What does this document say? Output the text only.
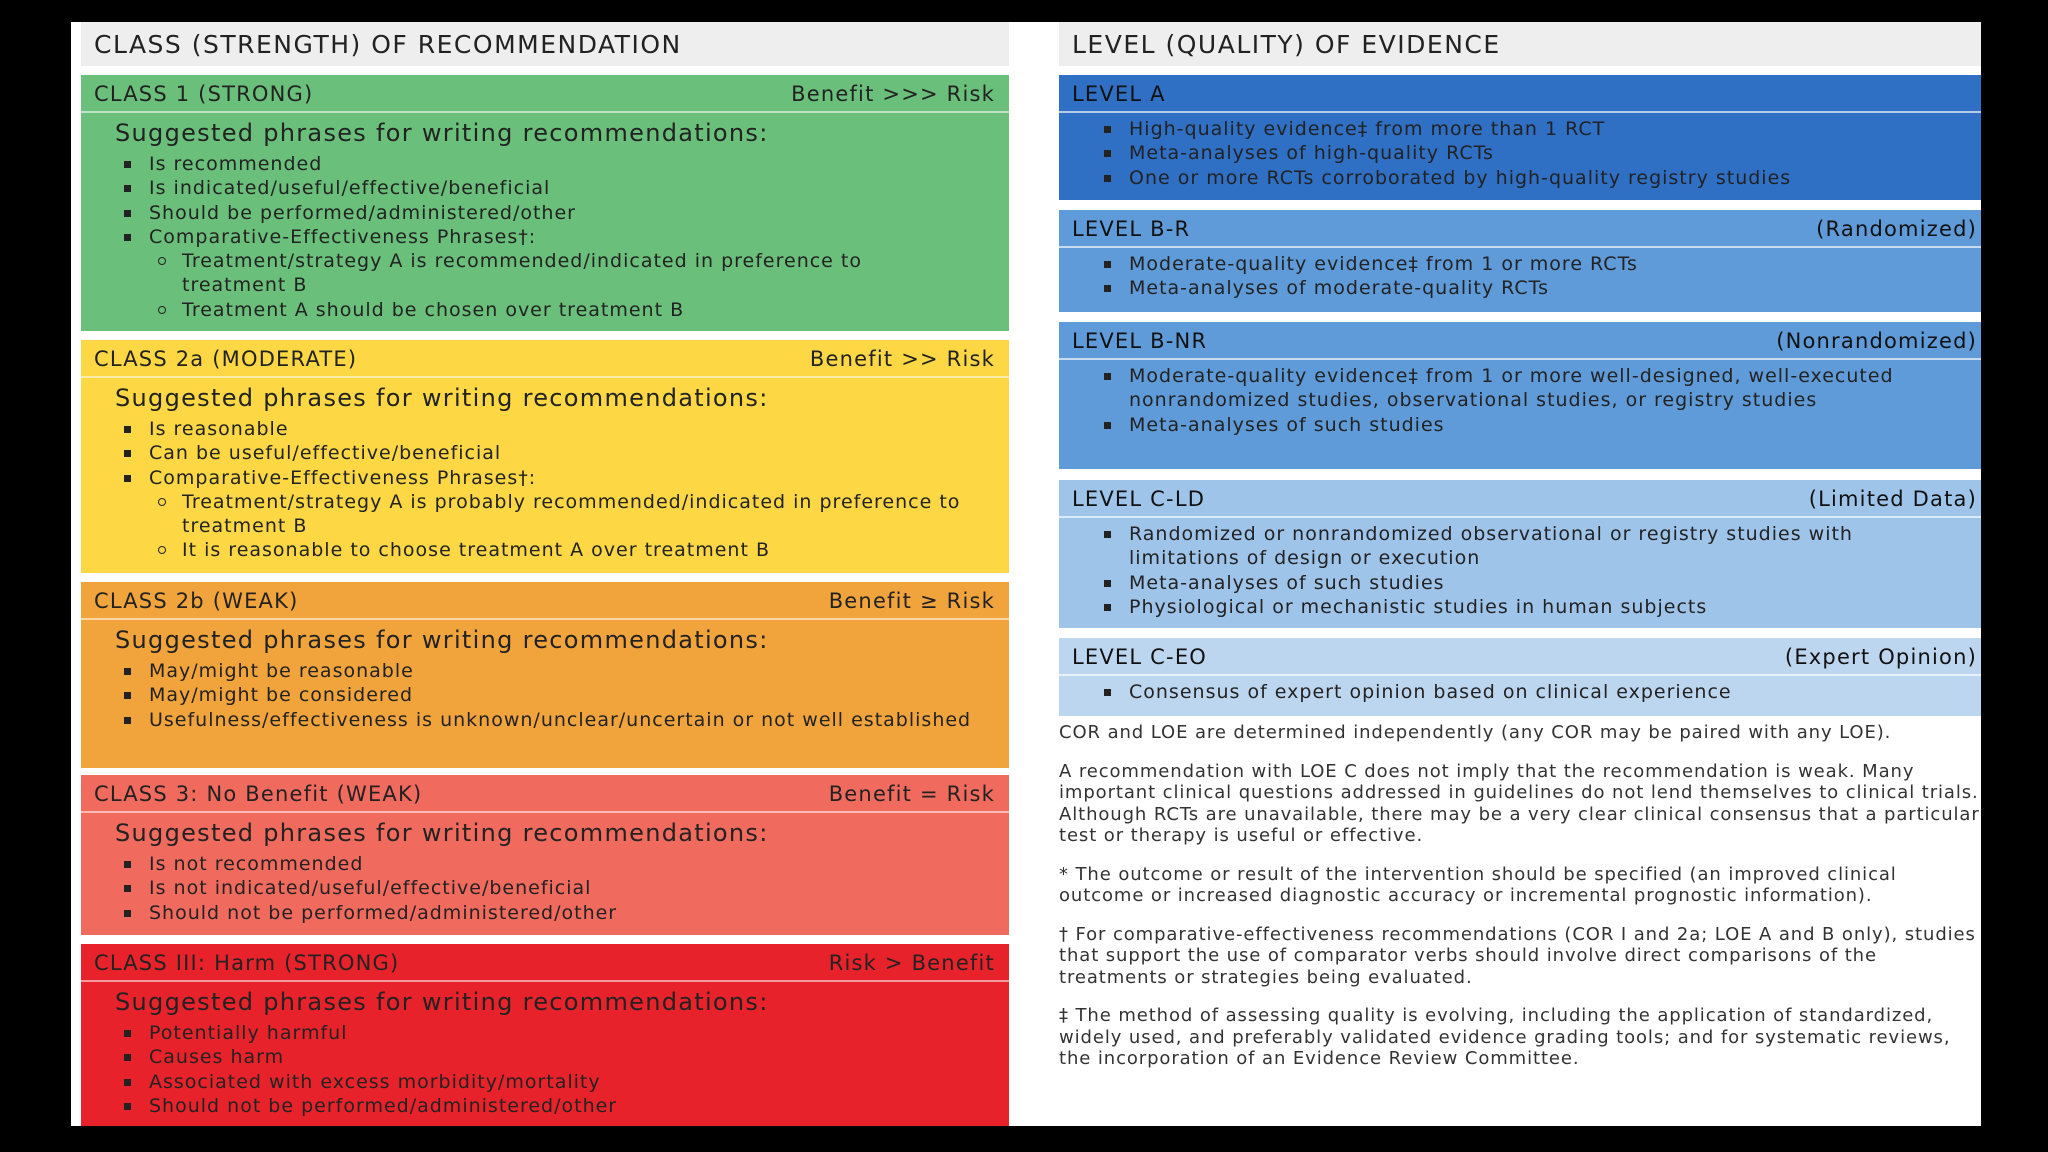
CLASS (STRENGTH) OF RECOMMENDATION
CLASS 1 (STRONG)	Benefit >>> Risk
Suggested phrases for writing recommendations:
Is recommended
Is indicated/useful/effective/beneficial
Should be performed/administered/other
Comparative-Effectiveness Phrases†:
Treatment/strategy A is recommended/indicated in preference to treatment B
Treatment A should be chosen over treatment B
CLASS 2a (MODERATE)	Benefit >> Risk
Suggested phrases for writing recommendations:
Is reasonable
Can be useful/effective/beneficial
Comparative-Effectiveness Phrases†:
Treatment/strategy A is probably recommended/indicated in preference to treatment B
It is reasonable to choose treatment A over treatment B
CLASS 2b (WEAK)	Benefit ≥ Risk
Suggested phrases for writing recommendations:
May/might be reasonable
May/might be considered
Usefulness/effectiveness is unknown/unclear/uncertain or not well established
CLASS 3: No Benefit (WEAK)	Benefit = Risk
Suggested phrases for writing recommendations:
Is not recommended
Is not indicated/useful/effective/beneficial
Should not be performed/administered/other
CLASS III: Harm (STRONG)	Risk > Benefit
Suggested phrases for writing recommendations:
Potentially harmful
Causes harm
Associated with excess morbidity/mortality
Should not be performed/administered/other
LEVEL (QUALITY) OF EVIDENCE
LEVEL A
High-quality evidence‡ from more than 1 RCT
Meta-analyses of high-quality RCTs
One or more RCTs corroborated by high-quality registry studies
LEVEL B-R	(Randomized)
Moderate-quality evidence‡ from 1 or more RCTs
Meta-analyses of moderate-quality RCTs
LEVEL B-NR	(Nonrandomized)
Moderate-quality evidence‡ from 1 or more well-designed, well-executed nonrandomized studies, observational studies, or registry studies
Meta-analyses of such studies
LEVEL C-LD	(Limited Data)
Randomized or nonrandomized observational or registry studies with limitations of design or execution
Meta-analyses of such studies
Physiological or mechanistic studies in human subjects
LEVEL C-EO	(Expert Opinion)
Consensus of expert opinion based on clinical experience

COR and LOE are determined independently (any COR may be paired with any LOE).

A recommendation with LOE C does not imply that the recommendation is weak. Many important clinical questions addressed in guidelines do not lend themselves to clinical trials. Although RCTs are unavailable, there may be a very clear clinical consensus that a particular test or therapy is useful or effective.

* The outcome or result of the intervention should be specified (an improved clinical outcome or increased diagnostic accuracy or incremental prognostic information).

† For comparative-effectiveness recommendations (COR I and 2a; LOE A and B only), studies that support the use of comparator verbs should involve direct comparisons of the treatments or strategies being evaluated.

‡ The method of assessing quality is evolving, including the application of standardized, widely used, and preferably validated evidence grading tools; and for systematic reviews, the incorporation of an Evidence Review Committee.
